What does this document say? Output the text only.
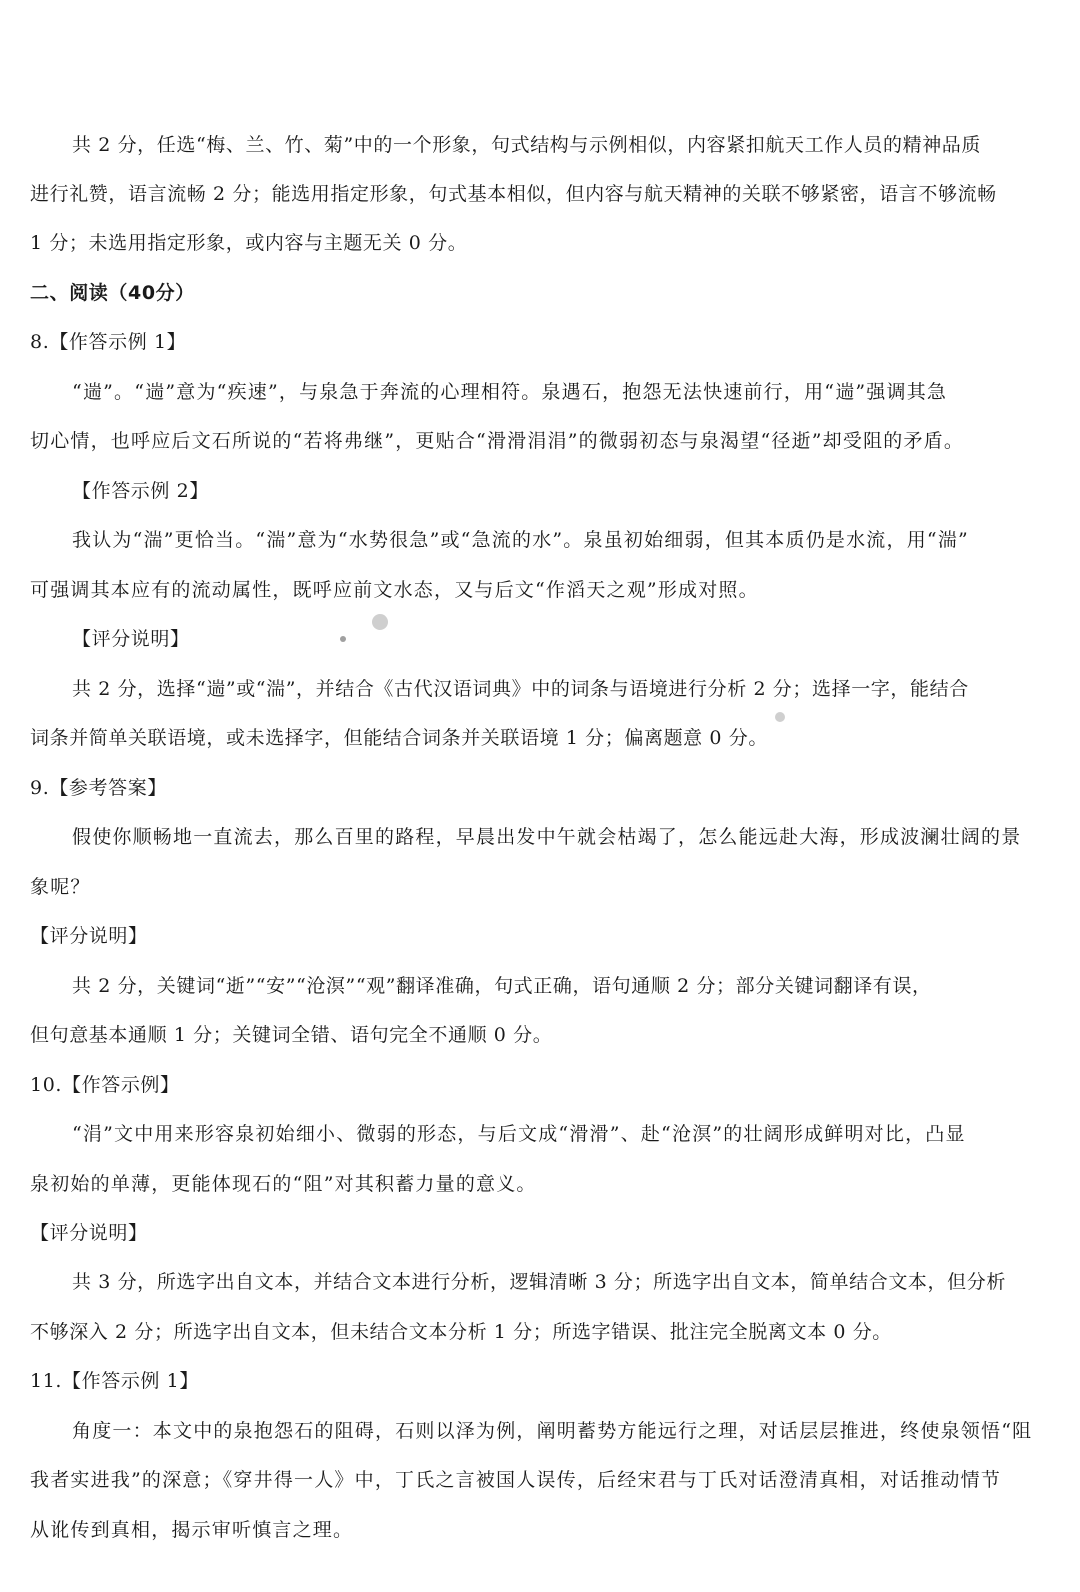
共 2 分，任选“梅、兰、竹、菊”中的一个形象，句式结构与示例相似，内容紧扣航天工作人员的精神品质
进行礼赞，语言流畅 2 分；能选用指定形象，句式基本相似，但内容与航天精神的关联不够紧密，语言不够流畅
1 分；未选用指定形象，或内容与主题无关 0 分。
二、阅读（40分）
8.【作答示例 1】
“遄”。“遄”意为“疾速”，与泉急于奔流的心理相符。泉遇石，抱怨无法快速前行，用“遄”强调其急
切心情，也呼应后文石所说的“若将弗继”，更贴合“滑滑涓涓”的微弱初态与泉渴望“径逝”却受阻的矛盾。
【作答示例 2】
我认为“湍”更恰当。“湍”意为“水势很急”或“急流的水”。泉虽初始细弱，但其本质仍是水流，用“湍”
可强调其本应有的流动属性，既呼应前文水态，又与后文“作滔天之观”形成对照。
【评分说明】
共 2 分，选择“遄”或“湍”，并结合《古代汉语词典》中的词条与语境进行分析 2 分；选择一字，能结合
词条并简单关联语境，或未选择字，但能结合词条并关联语境 1 分；偏离题意 0 分。
9.【参考答案】
假使你顺畅地一直流去，那么百里的路程，早晨出发中午就会枯竭了，怎么能远赴大海，形成波澜壮阔的景
象呢？
【评分说明】
共 2 分，关键词“逝”“安”“沧溟”“观”翻译准确，句式正确，语句通顺 2 分；部分关键词翻译有误，
但句意基本通顺 1 分；关键词全错、语句完全不通顺 0 分。
10.【作答示例】
“涓”文中用来形容泉初始细小、微弱的形态，与后文成“滑滑”、赴“沧溟”的壮阔形成鲜明对比，凸显
泉初始的单薄，更能体现石的“阻”对其积蓄力量的意义。
【评分说明】
共 3 分，所选字出自文本，并结合文本进行分析，逻辑清晰 3 分；所选字出自文本，简单结合文本，但分析
不够深入 2 分；所选字出自文本，但未结合文本分析 1 分；所选字错误、批注完全脱离文本 0 分。
11.【作答示例 1】
角度一：本文中的泉抱怨石的阻碍，石则以泽为例，阐明蓄势方能远行之理，对话层层推进，终使泉领悟“阻
我者实进我”的深意；《穿井得一人》中，丁氏之言被国人误传，后经宋君与丁氏对话澄清真相，对话推动情节
从讹传到真相，揭示审听慎言之理。
